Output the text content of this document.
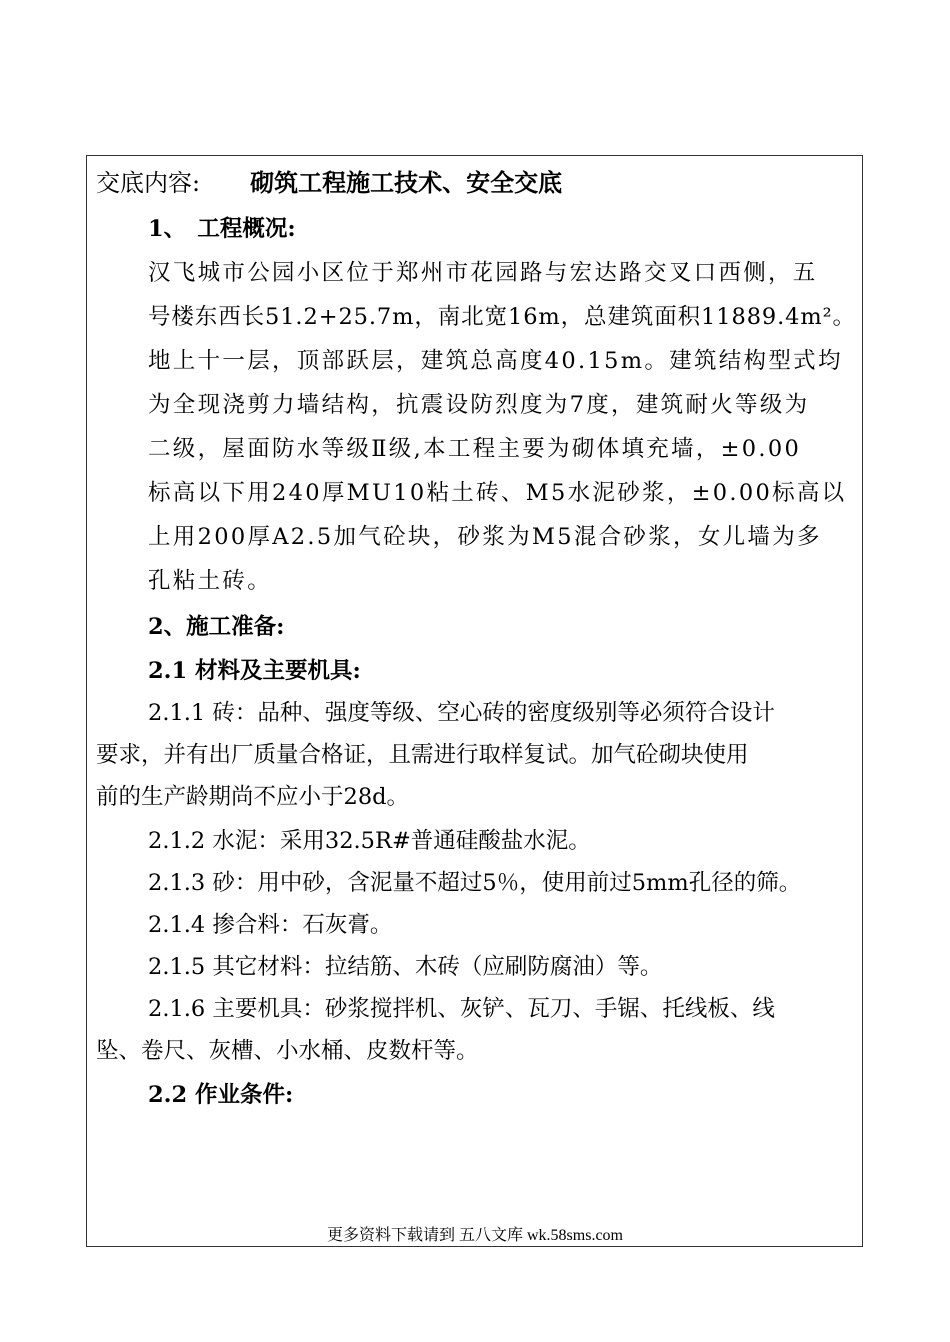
交底内容: 砌筑工程施工技术、安全交底
1、　工程概况:
汉飞城市公园小区位于郑州市花园路与宏达路交叉口西侧，五
号楼东西长51.2+25.7m，南北宽16m，总建筑面积11889.4m²。
地上十一层，顶部跃层，建筑总高度40.15m。建筑结构型式均
为全现浇剪力墙结构，抗震设防烈度为7度，建筑耐火等级为
二级，屋面防水等级Ⅱ级,本工程主要为砌体填充墙，±0.00
标高以下用240厚MU10粘土砖、M5水泥砂浆，±0.00标高以
上用200厚A2.5加气砼块，砂浆为M5混合砂浆，女儿墙为多
孔粘土砖。
2、施工准备:
2.1 材料及主要机具:
2.1.1 砖：品种、强度等级、空心砖的密度级别等必须符合设计
要求，并有出厂质量合格证，且需进行取样复试。加气砼砌块使用
前的生产龄期尚不应小于28d。
2.1.2 水泥：采用32.5R#普通硅酸盐水泥。
2.1.3 砂：用中砂，含泥量不超过5％，使用前过5mm孔径的筛。
2.1.4 掺合料：石灰膏。
2.1.5 其它材料：拉结筋、木砖（应刷防腐油）等。
2.1.6 主要机具：砂浆搅拌机、灰铲、瓦刀、手锯、托线板、线
坠、卷尺、灰槽、小水桶、皮数杆等。
2.2 作业条件:
更多资料下载请到 五八文库 wk.58sms.com
